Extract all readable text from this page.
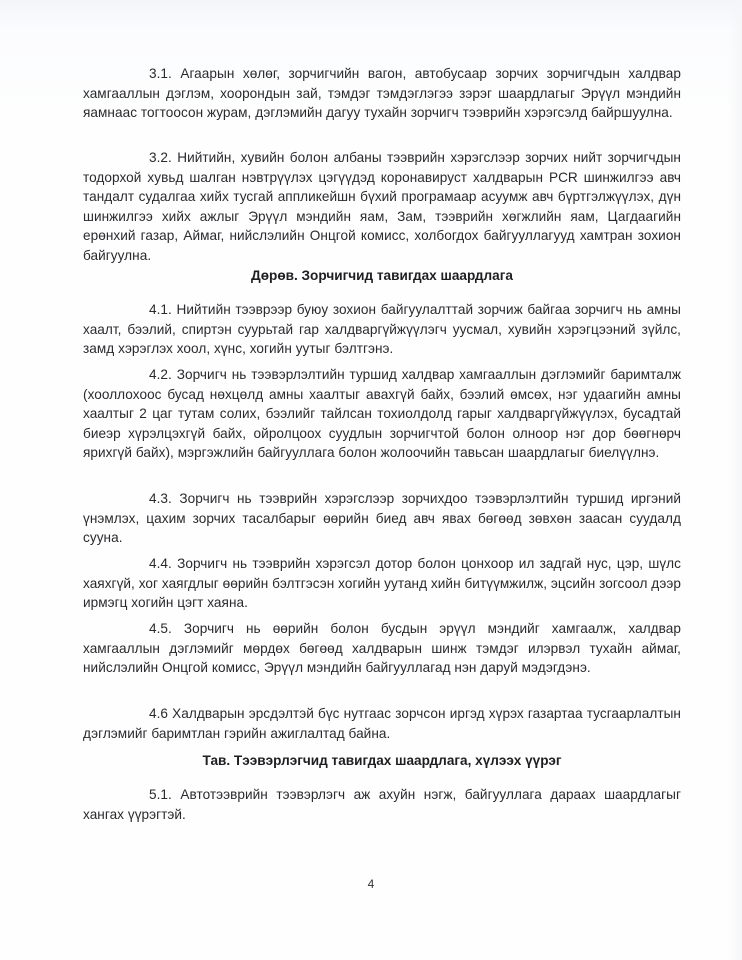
3.1. Агаарын хөлөг, зорчигчийн вагон, автобусаар зорчих зорчигчдын халдвар хамгааллын дэглэм, хоорондын зай, тэмдэг тэмдэглэгээ зэрэг шаардлагыг Эрүүл мэндийн яамнаас тогтоосон журам, дэглэмийн дагуу тухайн зорчигч тээврийн хэрэгсэлд байршуулна.

3.2. Нийтийн, хувийн болон албаны тээврийн хэрэгслээр зорчих нийт зорчигчдын тодорхой хувьд шалган нэвтрүүлэх цэгүүдэд коронавируст халдварын PCR шинжилгээ авч тандалт судалгаа хийх тусгай аппликейшн бүхий програмаар асуумж авч бүртгэлжүүлэх, дүн шинжилгээ хийх ажлыг Эрүүл мэндийн яам, Зам, тээврийн хөгжлийн яам, Цагдаагийн ерөнхий газар, Аймаг, нийслэлийн Онцгой комисс, холбогдох байгууллагууд хамтран зохион байгуулна.

Дөрөв. Зорчигчид тавигдах шаардлага

4.1. Нийтийн тээврээр буюу зохион байгуулалттай зорчиж байгаа зорчигч нь амны хаалт, бээлий, спиртэн суурьтай гар халдваргүйжүүлэгч уусмал, хувийн хэрэгцээний зүйлс, замд хэрэглэх хоол, хүнс, хогийн уутыг бэлтгэнэ.

4.2. Зорчигч нь тээвэрлэлтийн туршид халдвар хамгааллын дэглэмийг баримталж (хооллохоос бусад нөхцөлд амны хаалтыг авахгүй байх, бээлий өмсөх, нэг удаагийн амны хаалтыг 2 цаг тутам солих, бээлийг тайлсан тохиолдолд гарыг халдваргүйжүүлэх, бусадтай биеэр хүрэлцэхгүй байх, ойролцоох суудлын зорчигчтой болон олноор нэг дор бөөгнөрч ярихгүй байх), мэргэжлийн байгууллага болон жолоочийн тавьсан шаардлагыг биелүүлнэ.

4.3. Зорчигч нь тээврийн хэрэгслээр зорчихдоо тээвэрлэлтийн туршид иргэний үнэмлэх, цахим зорчих тасалбарыг өөрийн биед авч явах бөгөөд зөвхөн заасан суудалд сууна.

4.4. Зорчигч нь тээврийн хэрэгсэл дотор болон цонхоор ил задгай нус, цэр, шүлс хаяхгүй, хог хаягдлыг өөрийн бэлтгэсэн хогийн уутанд хийн битүүмжилж, эцсийн зогсоол дээр ирмэгц хогийн цэгт хаяна.

4.5. Зорчигч нь өөрийн болон бусдын эрүүл мэндийг хамгаалж, халдвар хамгааллын дэглэмийг мөрдөх бөгөөд халдварын шинж тэмдэг илэрвэл тухайн аймаг, нийслэлийн Онцгой комисс, Эрүүл мэндийн байгууллагад нэн даруй мэдэгдэнэ.

4.6 Халдварын эрсдэлтэй бүс нутгаас зорчсон иргэд хүрэх газартаа тусгаарлалтын дэглэмийг баримтлан гэрийн ажиглалтад байна.

Тав. Тээвэрлэгчид тавигдах шаардлага, хүлээх үүрэг

5.1. Автотээврийн тээвэрлэгч аж ахуйн нэгж, байгууллага дараах шаардлагыг хангах үүрэгтэй.

4
